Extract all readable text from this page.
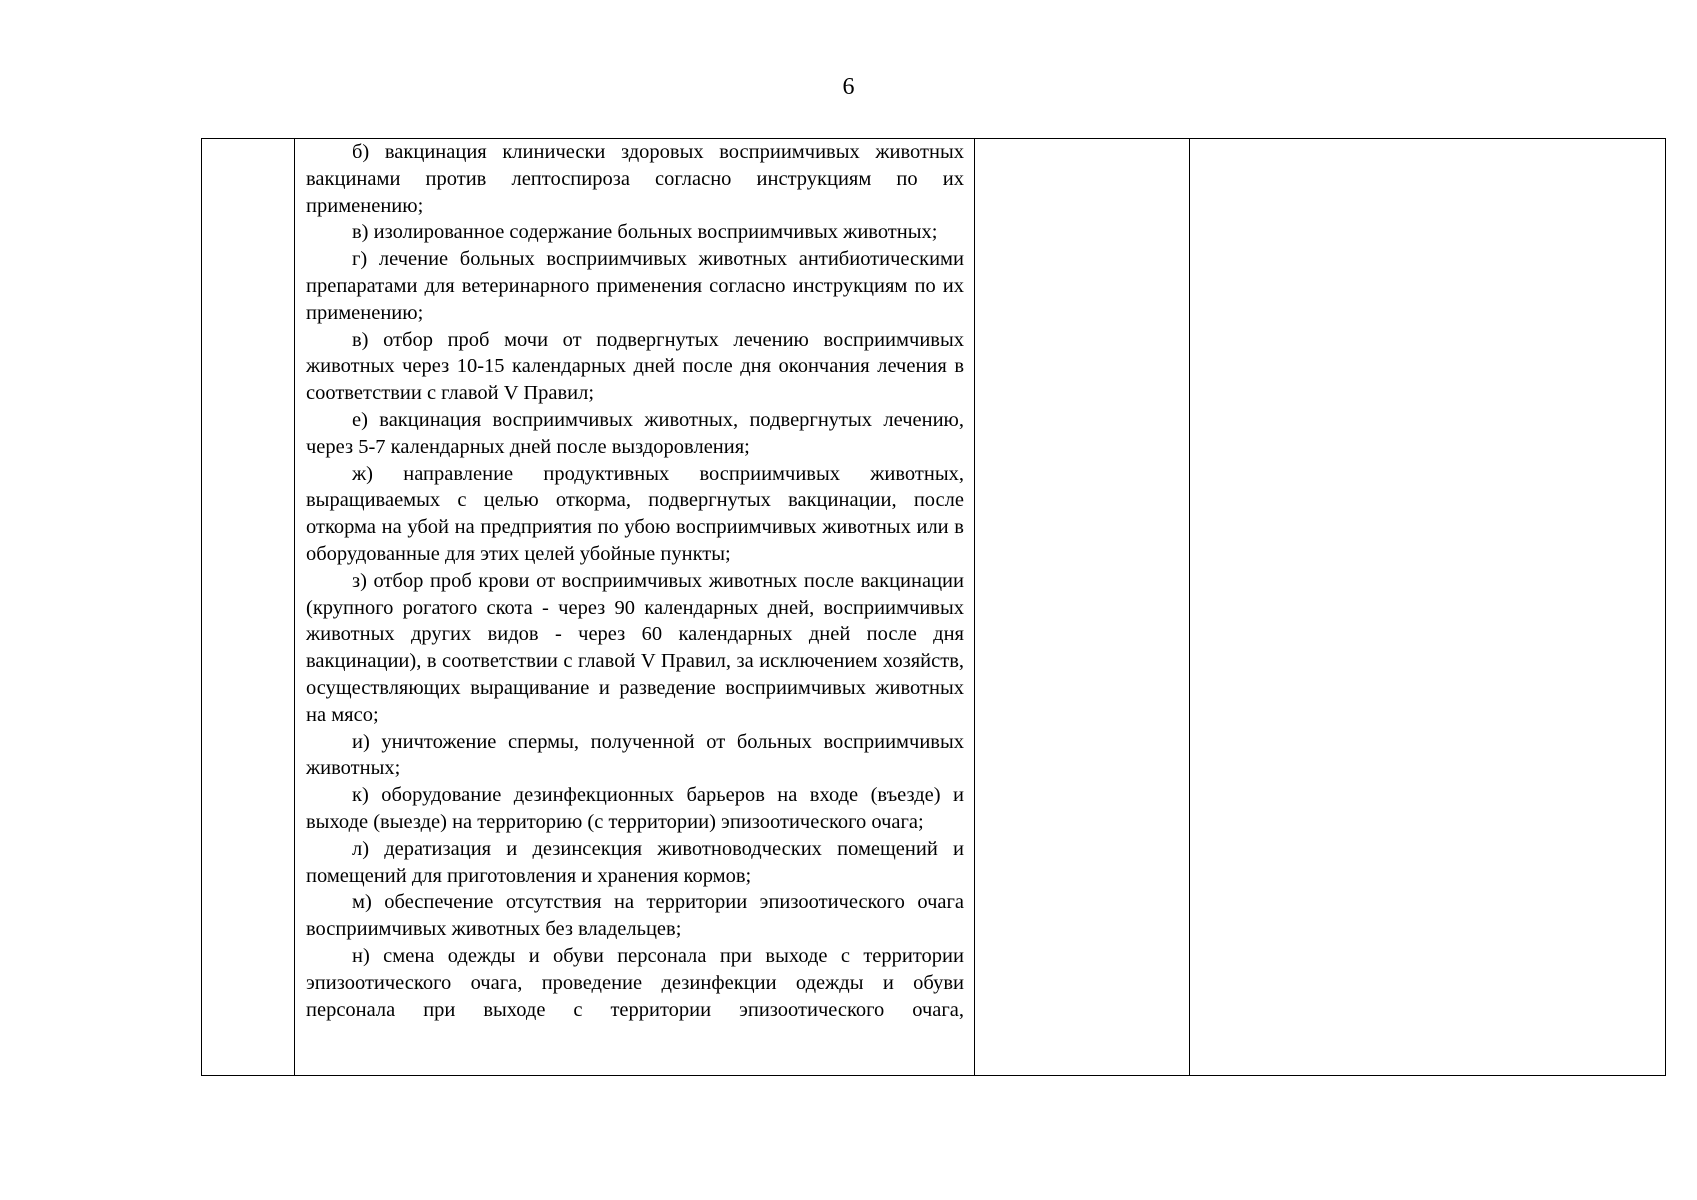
6

б) вакцинация клинически здоровых восприимчивых животных вакцинами против лептоспироза согласно инструкциям по их применению;

в) изолированное содержание больных восприимчивых животных;

г) лечение больных восприимчивых животных антибиотическими препаратами для ветеринарного применения согласно инструкциям по их применению;

в) отбор проб мочи от подвергнутых лечению восприимчивых животных через 10-15 календарных дней после дня окончания лечения в соответствии с главой V Правил;

е) вакцинация восприимчивых животных, подвергнутых лечению, через 5-7 календарных дней после выздоровления;

ж) направление продуктивных восприимчивых животных, выращиваемых с целью откорма, подвергнутых вакцинации, после откорма на убой на предприятия по убою восприимчивых животных или в оборудованные для этих целей убойные пункты;

з) отбор проб крови от восприимчивых животных после вакцинации (крупного рогатого скота - через 90 календарных дней, восприимчивых животных других видов - через 60 календарных дней после дня вакцинации), в соответствии с главой V Правил, за исключением хозяйств, осуществляющих выращивание и разведение восприимчивых животных на мясо;

и) уничтожение спермы, полученной от больных восприимчивых животных;

к) оборудование дезинфекционных барьеров на входе (въезде) и выходе (выезде) на территорию (с территории) эпизоотического очага;

л) дератизация и дезинсекция животноводческих помещений и помещений для приготовления и хранения кормов;

м) обеспечение отсутствия на территории эпизоотического очага восприимчивых животных без владельцев;

н) смена одежды и обуви персонала при выходе с территории эпизоотического очага, проведение дезинфекции одежды и обуви персонала при выходе с территории эпизоотического очага,
